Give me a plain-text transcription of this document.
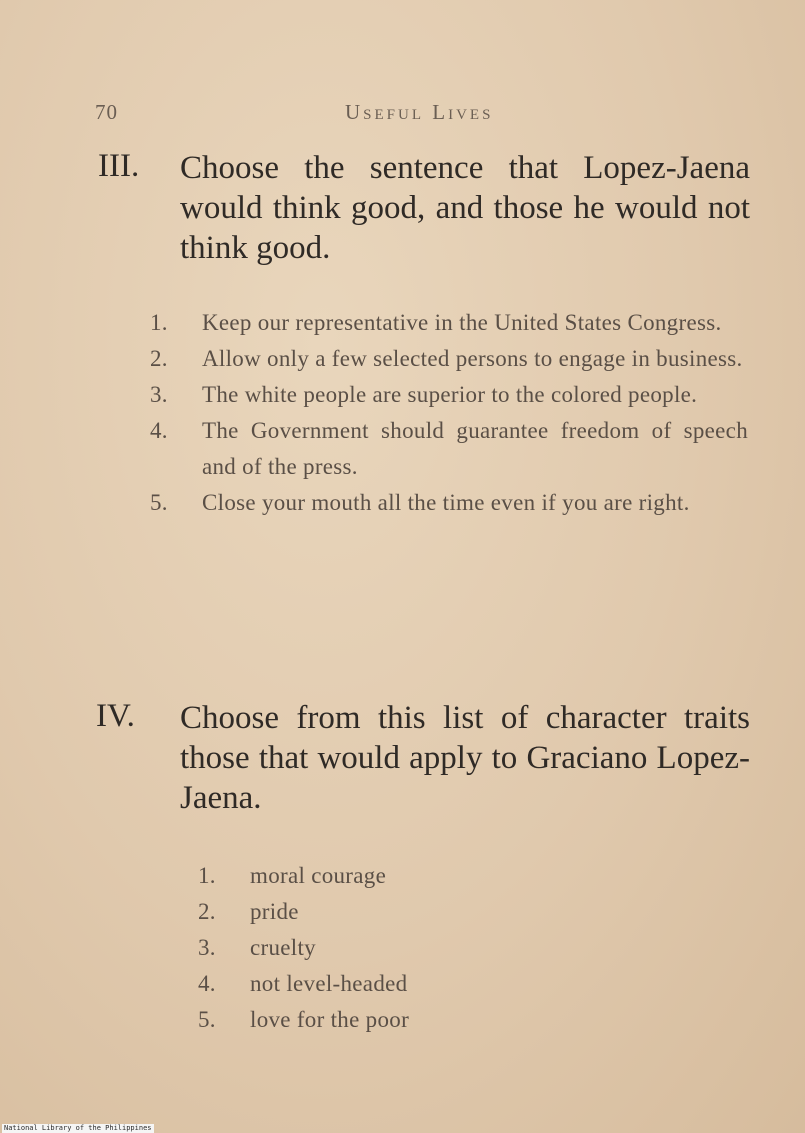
70	Useful Lives
III. Choose the sentence that Lopez-Jaena would think good, and those he would not think good.
1. Keep our representative in the United States Congress.
2. Allow only a few selected persons to engage in business.
3. The white people are superior to the colored people.
4. The Government should guarantee freedom of speech and of the press.
5. Close your mouth all the time even if you are right.
IV. Choose from this list of character traits those that would apply to Graciano Lopez-Jaena.
1. moral courage
2. pride
3. cruelty
4. not level-headed
5. love for the poor
National Library of the Philippines
